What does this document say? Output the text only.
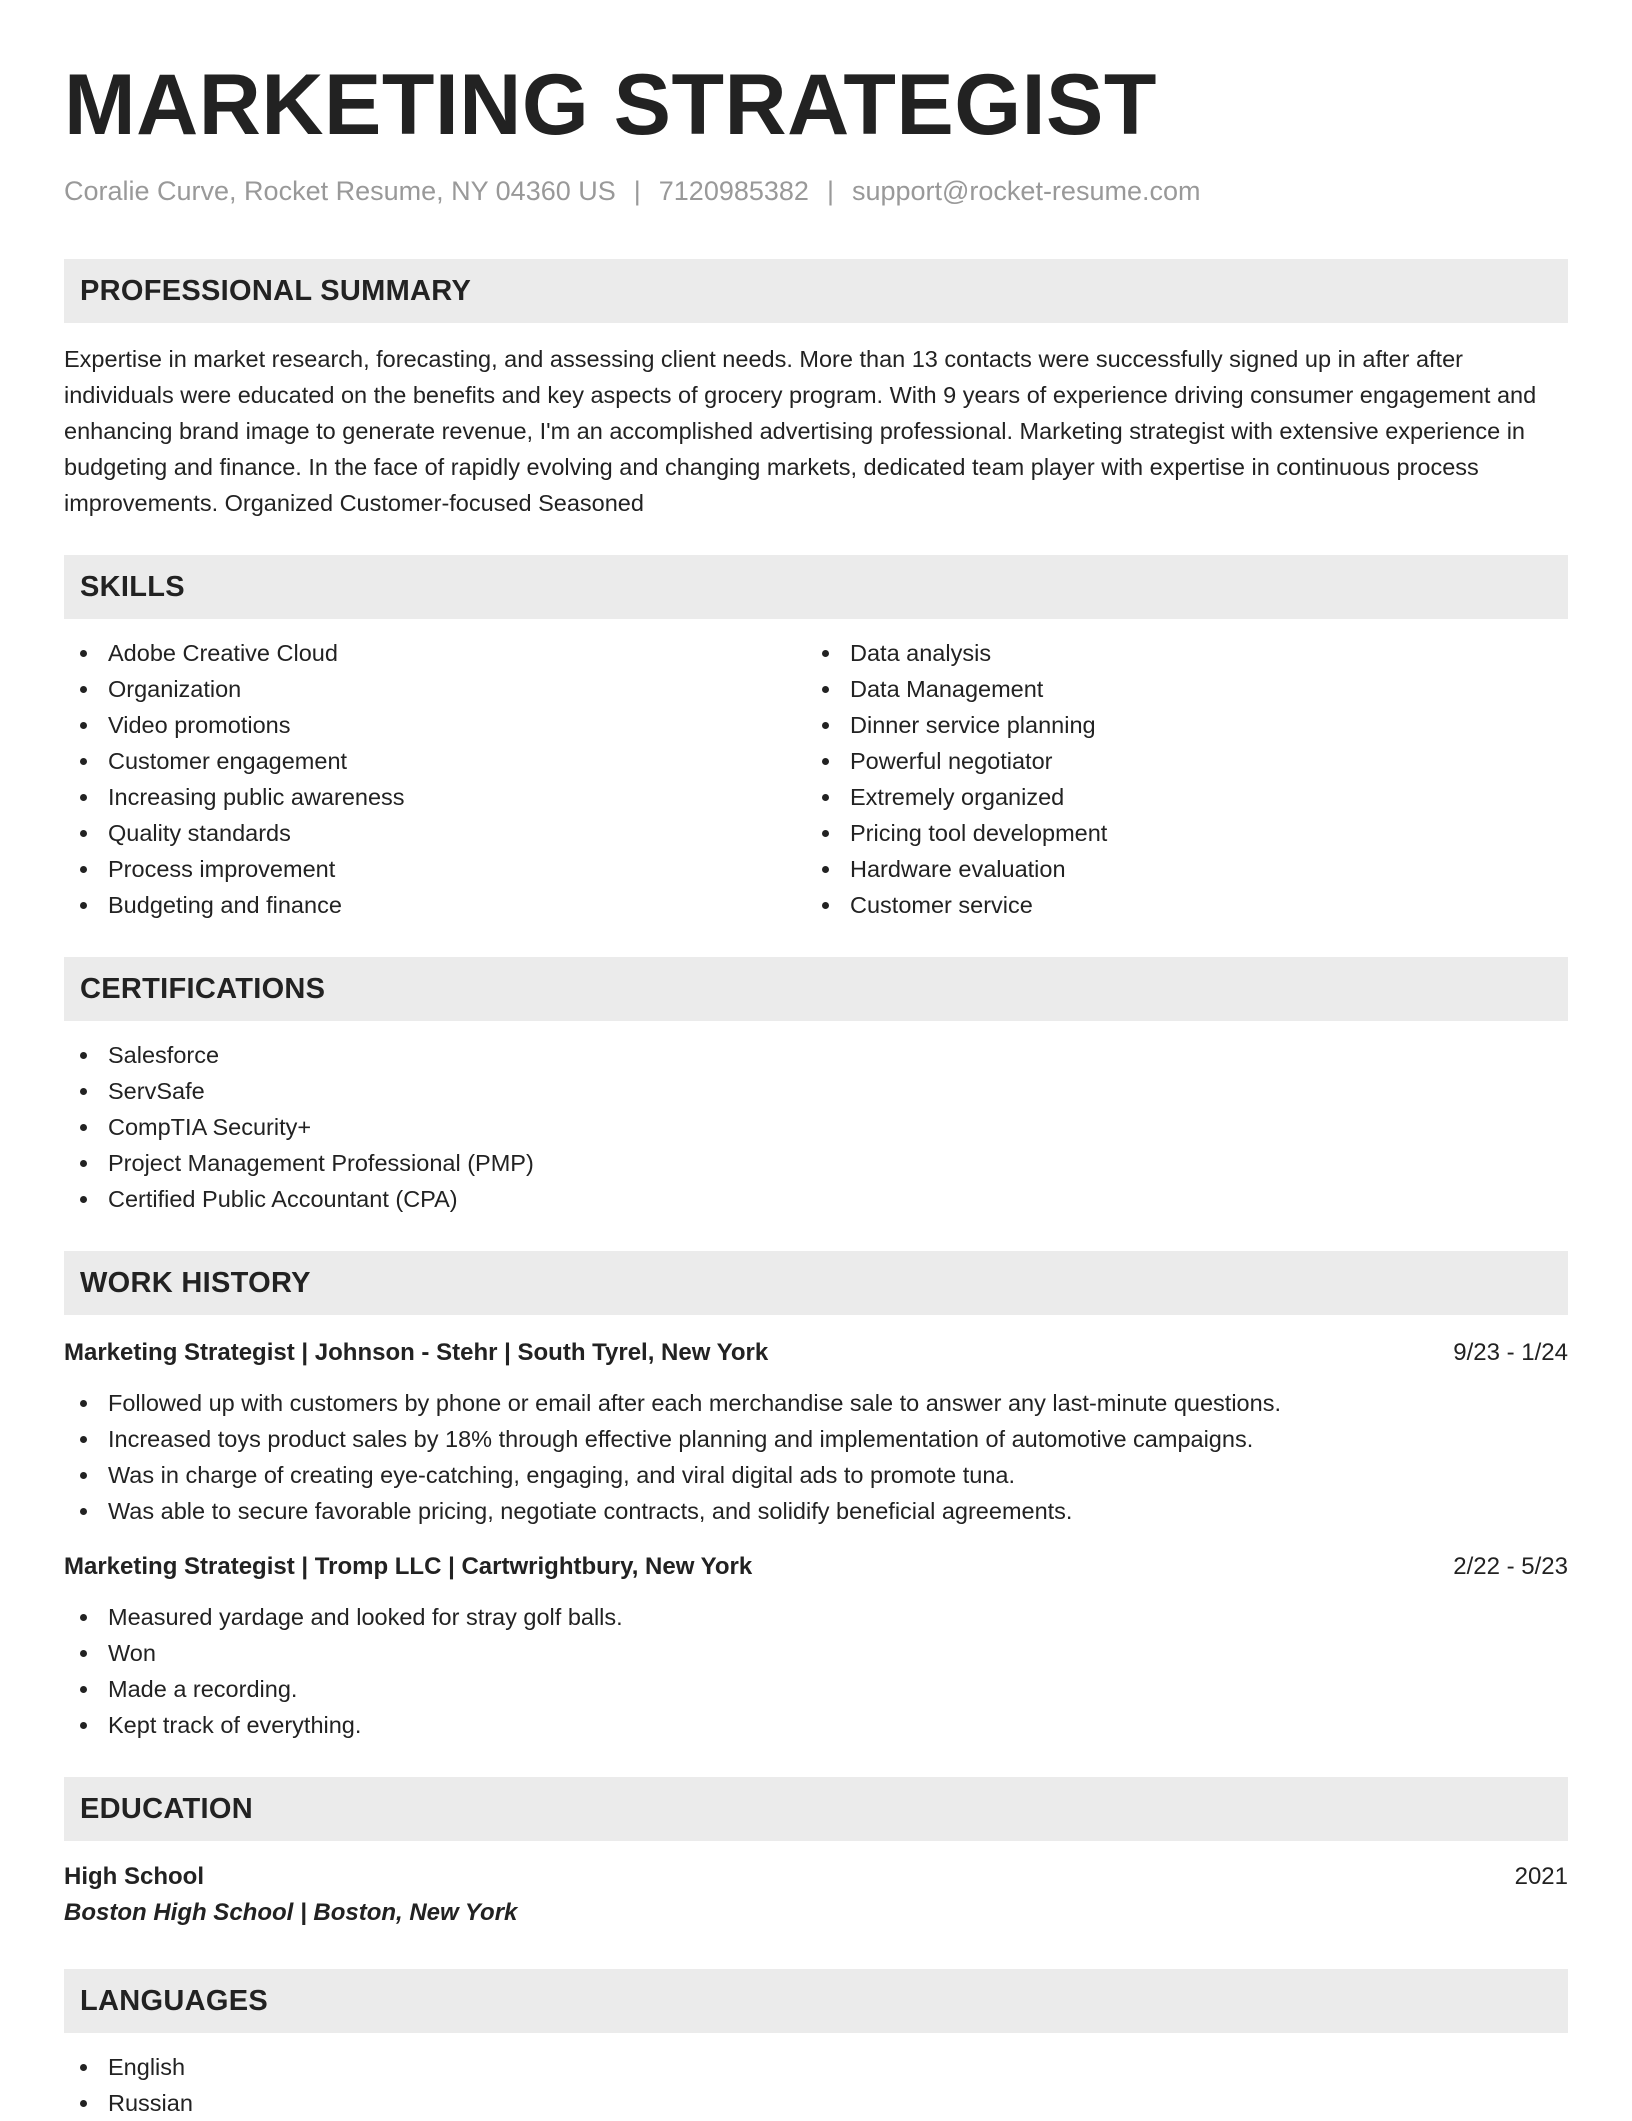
MARKETING STRATEGIST
Coralie Curve, Rocket Resume, NY 04360 US | 7120985382 | support@rocket-resume.com
PROFESSIONAL SUMMARY
Expertise in market research, forecasting, and assessing client needs. More than 13 contacts were successfully signed up in after after individuals were educated on the benefits and key aspects of grocery program. With 9 years of experience driving consumer engagement and enhancing brand image to generate revenue, I'm an accomplished advertising professional. Marketing strategist with extensive experience in budgeting and finance. In the face of rapidly evolving and changing markets, dedicated team player with expertise in continuous process improvements. Organized Customer-focused Seasoned
SKILLS
Adobe Creative Cloud
Organization
Video promotions
Customer engagement
Increasing public awareness
Quality standards
Process improvement
Budgeting and finance
Data analysis
Data Management
Dinner service planning
Powerful negotiator
Extremely organized
Pricing tool development
Hardware evaluation
Customer service
CERTIFICATIONS
Salesforce
ServSafe
CompTIA Security+
Project Management Professional (PMP)
Certified Public Accountant (CPA)
WORK HISTORY
Marketing Strategist | Johnson - Stehr | South Tyrel, New York	9/23 - 1/24
Followed up with customers by phone or email after each merchandise sale to answer any last-minute questions.
Increased toys product sales by 18% through effective planning and implementation of automotive campaigns.
Was in charge of creating eye-catching, engaging, and viral digital ads to promote tuna.
Was able to secure favorable pricing, negotiate contracts, and solidify beneficial agreements.
Marketing Strategist | Tromp LLC | Cartwrightbury, New York	2/22 - 5/23
Measured yardage and looked for stray golf balls.
Won
Made a recording.
Kept track of everything.
EDUCATION
High School	2021
Boston High School | Boston, New York
LANGUAGES
English
Russian
